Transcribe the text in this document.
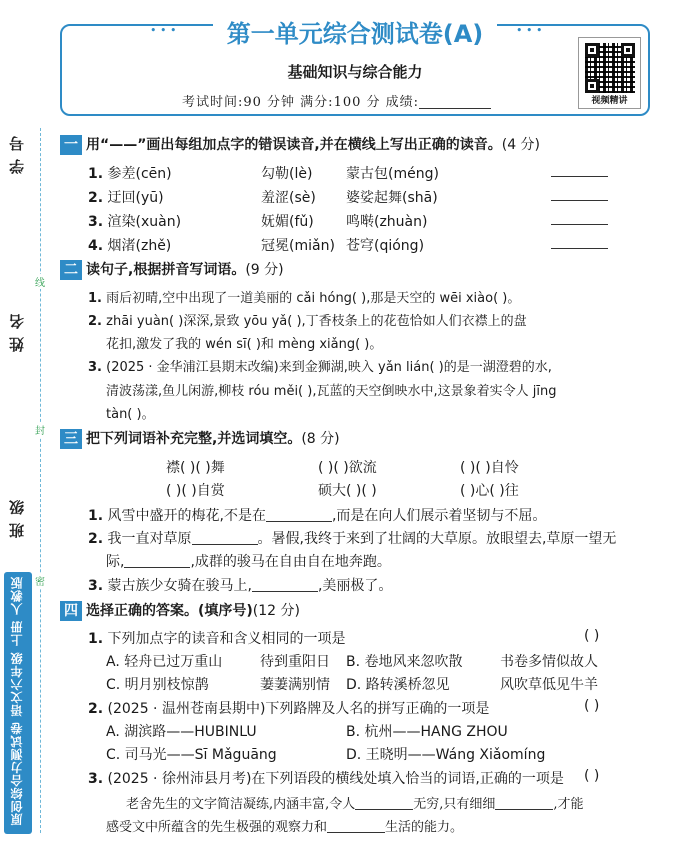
学号
姓名
班级
线
封
密
原创综合力测试卷 语文六年级 上册 人教版
• • •	• • •
第一单元综合测试卷(A)
基础知识与综合能力
考试时间:90 分钟 满分:100 分 成绩:	视频精讲
一 用“——”画出每组加点字的错误读音,并在横线上写出正确的读音。(4 分)
1. 参差(cēn)	勾勒(lè) 蒙古包(méng)
2. 迂回(yū)	羞涩(sè) 婆娑起舞(shā)
3. 渲染(xuàn)	妩媚(fǔ) 鸣啭(zhuàn)
4. 烟渚(zhě)	冠冕(miǎn) 苍穹(qióng)
二 读句子,根据拼音写词语。(9 分)
1. 雨后初晴,空中出现了一道美丽的 cǎi hóng( ),那是天空的 wēi xiào( )。
2. zhāi yuàn( )深深,景致 yōu yǎ( ),丁香枝条上的花苞恰如人们衣襟上的盘
花扣,激发了我的 wén sī( )和 mèng xiǎng( )。
3. (2025 · 金华浦江县期末改编)来到金狮湖,映入 yǎn lián( )的是一湖澄碧的水,
清波荡漾,鱼儿闲游,柳枝 róu měi( ),瓦蓝的天空倒映水中,这景象着实令人 jīng
tàn( )。
三 把下列词语补充完整,并选词填空。(8 分)
襟( )( )舞	( )( )欲流	( )( )自怜
( )( )自赏	硕大( )( )	( )心( )往
1. 风雪中盛开的梅花,不是在	,而是在向人们展示着坚韧与不屈。
2. 我一直对草原	。暑假,我终于来到了壮阔的大草原。放眼望去,草原一望无
际,	,成群的骏马在自由自在地奔跑。
3. 蒙古族少女骑在骏马上,	,美丽极了。
四 选择正确的答案。(填序号)(12 分)
1. 下列加点字的读音和含义相同的一项是	( )
A. 轻舟已过万重山	待到重阳日 B. 卷地风来忽吹散	书卷多情似故人
C. 明月别枝惊鹊	萋萋满别情 D. 路转溪桥忽见	风吹草低见牛羊
2. (2025 · 温州苍南县期中)下列路牌及人名的拼写正确的一项是	( )
A. 湖滨路——HUBINLU	B. 杭州——HANG ZHOU
C. 司马光——Sī Mǎguāng	D. 王晓明——Wáng Xiǎomíng
3. (2025 · 徐州沛县月考)在下列语段的横线处填入恰当的词语,正确的一项是 ( )
老舍先生的文字简洁凝练,内涵丰富,令人	无穷,只有细细	,才能
感受文中所蕴含的先生极强的观察力和	生活的能力。
